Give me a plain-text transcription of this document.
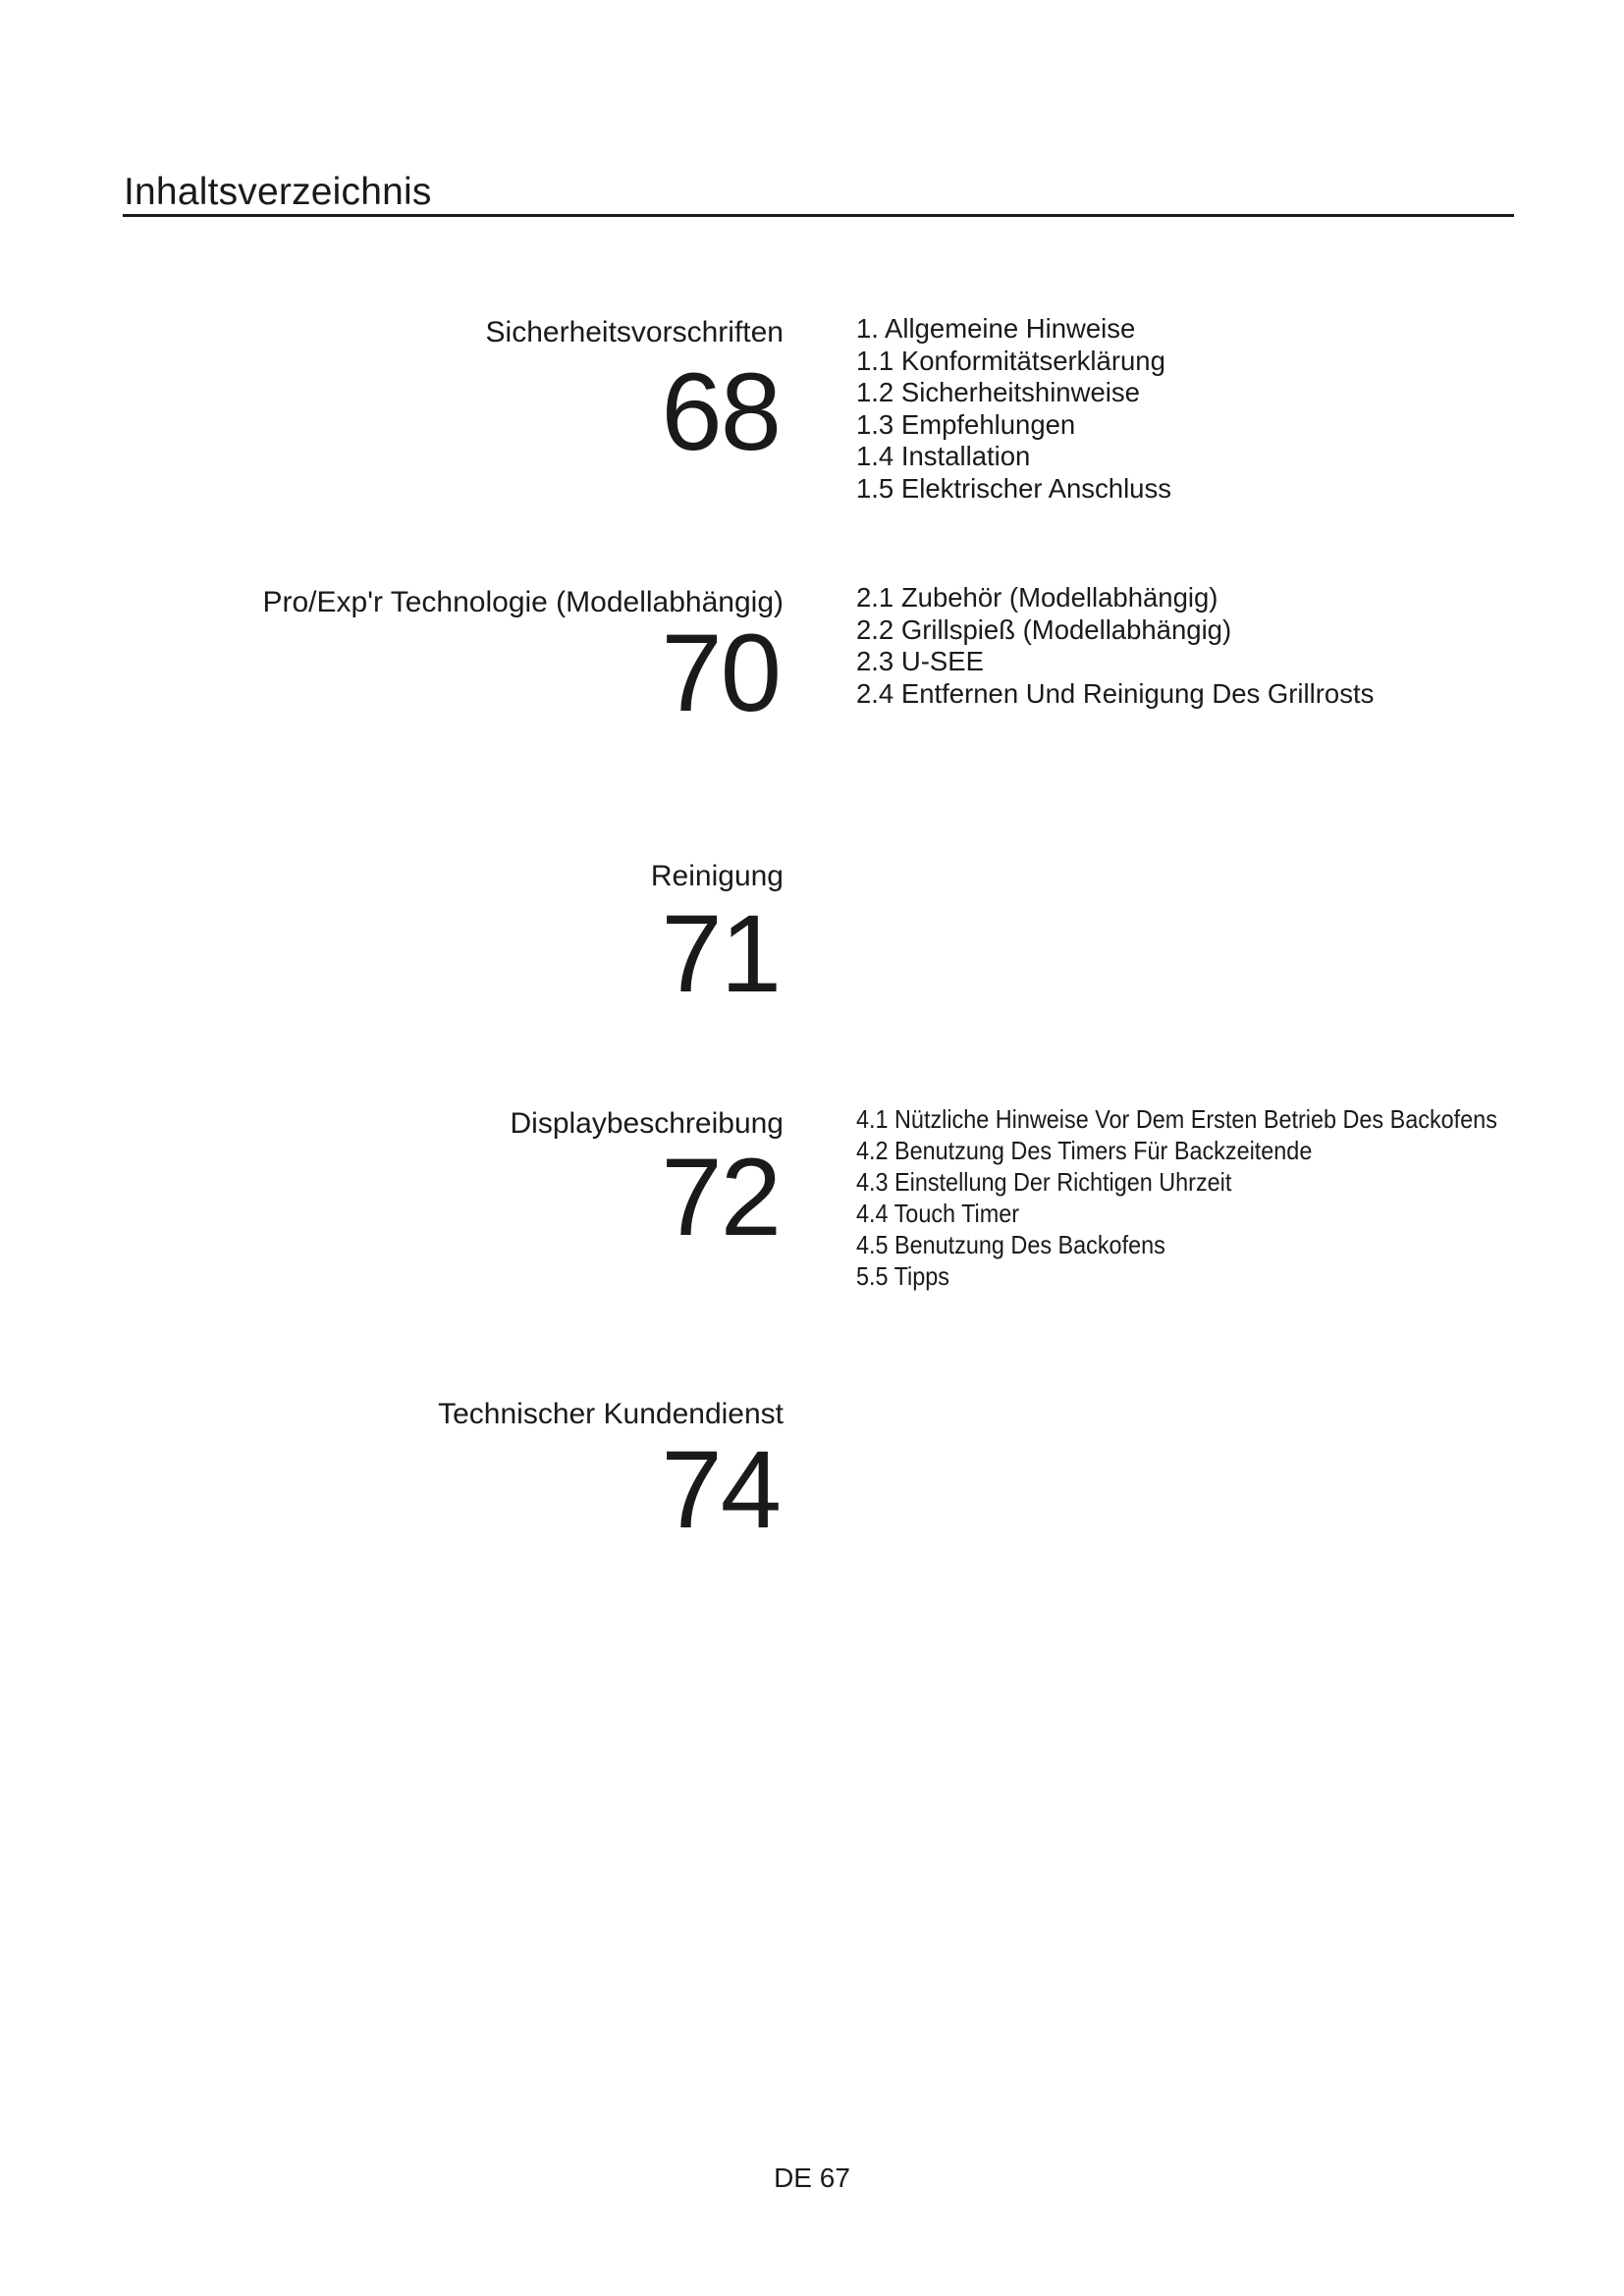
Inhaltsverzeichnis
Sicherheitsvorschriften
68
1. Allgemeine Hinweise
1.1 Konformitätserklärung
1.2 Sicherheitshinweise
1.3 Empfehlungen
1.4 Installation
1.5 Elektrischer Anschluss
Pro/Exp'r Technologie (Modellabhängig)
70
2.1 Zubehör (Modellabhängig)
2.2 Grillspieß (Modellabhängig)
2.3 U-SEE
2.4 Entfernen Und Reinigung Des Grillrosts
Reinigung
71
Displaybeschreibung
72
4.1 Nützliche Hinweise Vor Dem Ersten Betrieb Des Backofens
4.2 Benutzung Des Timers Für Backzeitende
4.3 Einstellung Der Richtigen Uhrzeit
4.4 Touch Timer
4.5 Benutzung Des Backofens
5.5 Tipps
Technischer Kundendienst
74
DE 67
